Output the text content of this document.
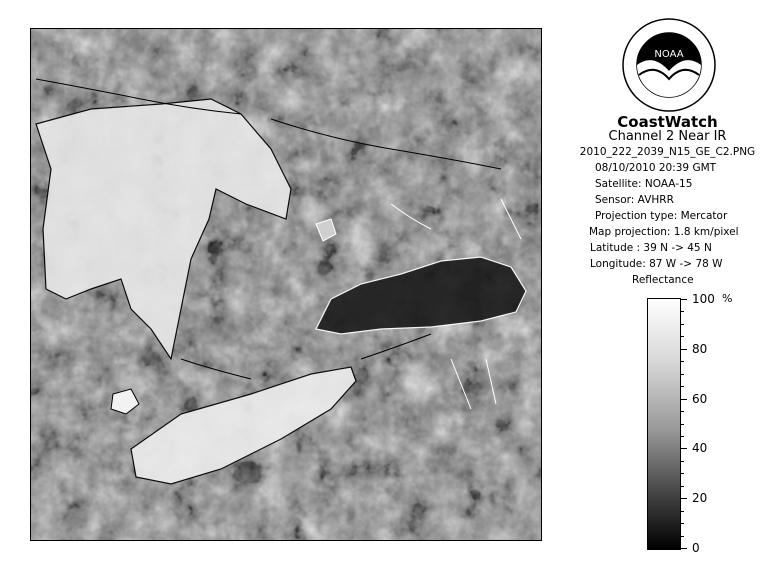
NOAA
CoastWatch
Channel 2 Near IR
2010_222_2039_N15_GE_C2.PNG
08/10/2010 20:39 GMT
Satellite: NOAA-15
Sensor: AVHRR
Projection type: Mercator
Map projection: 1.8 km/pixel
Latitude : 39 N -> 45 N
Longitude: 87 W -> 78 W
Reflectance
%
100
80
60
40
20
0
